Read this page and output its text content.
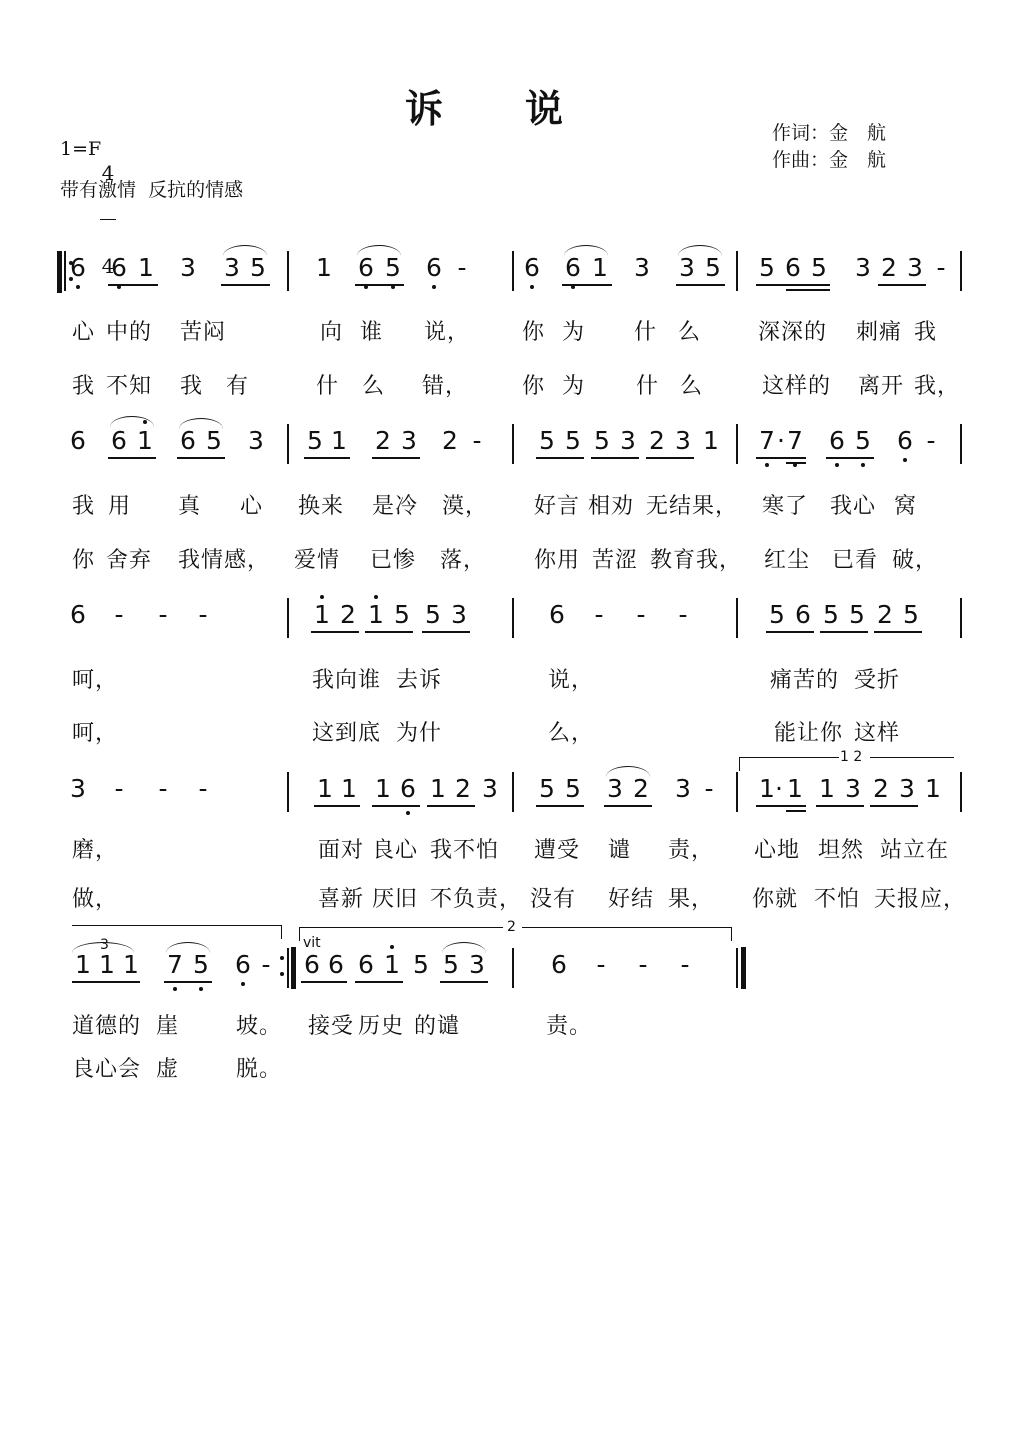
诉　　说
作词：金　航
作曲：金　航
1=F

4

4

带有激情  反抗的情感
6 6 1 3 3 5 1 6 5 6 - 6 6 1 3 3 5 5 6 5 3 2 3 -
心 中的 苦闷	向 谁 说， 你 为 什 么	深深的 刺痛 我
我 不知 我 有	什 么 错， 你 为 什 么	这样的 离开 我，
6 6 1 6 5 3 5 1 2 3 2 - 5 5 5 3 2 3 1 7 · 7 6 5 6 -
我 用 真 心 换来 是冷 漠， 好言 相劝 无结果， 寒了 我心 窝
你 舍弃 我情感， 爱情 已惨 落， 你用 苦涩 教育我， 红尘 已看 破，
6 - - -	1 2 1 5 5 3	6 - - -	5 6 5 5 2 5
呵，	我向谁 去诉	说，	痛苦的 受折
呵，	这到底 为什	么，	能让你 这样
1 2
3 - - -	1 1 1 6 1 2 3 5 5 3 2 3 - 1 · 1 1 3 2 3 1
磨，	面对 良心 我不怕 遭受 谴 责， 心地 坦然 站立在
做，	喜新 厌旧 不负责， 没有 好结 果， 你就 不怕 天报应，
2
vit
3
1 1 1 7 5 6 - 6 6 6 1 5 5 3	6 - - -
道德的 崖	坡。 接受 历史 的谴	责。
良心会 虚	脱。
